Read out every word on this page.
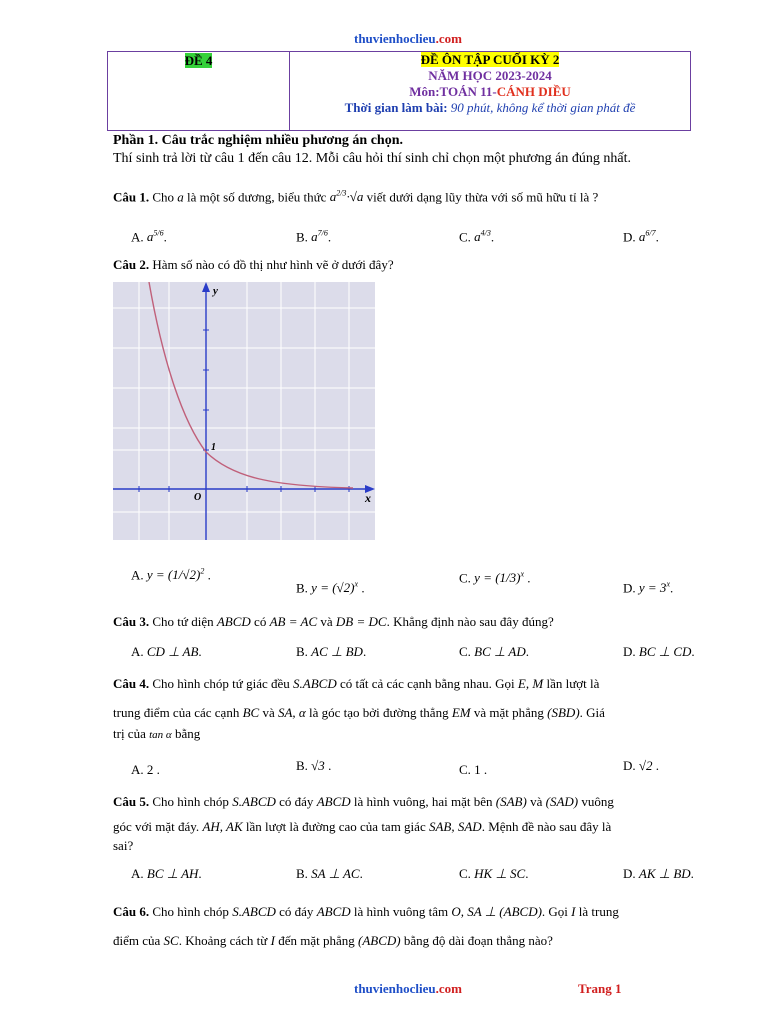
thuvienhoclieu.com
ĐỀ 4	ĐỀ ÔN TẬP CUỐI KỲ 2
NĂM HỌC 2023-2024
Môn:TOÁN 11-CÁNH DIỀU
Thời gian làm bài: 90 phút, không kể thời gian phát đề
Phần 1. Câu trắc nghiệm nhiều phương án chọn.
Thí sinh trả lời từ câu 1 đến câu 12. Mỗi câu hỏi thí sinh chỉ chọn một phương án đúng nhất.
Câu 1. Cho a là một số dương, biểu thức $a^{2/3}\cdot√a$ viết dưới dạng lũy thừa với số mũ hữu tỉ là ?
A. $a^{5/6}$.	B. $a^{7/6}$.	C. $a^{4/3}$.	D. $a^{6/7}$.
Câu 2. Hàm số nào có đồ thị như hình vẽ ở dưới đây?
y
x
O
1
A. $y = (1/√2)^2$ .
B. $y = (√2)^x$ .
C. $y = (1/3)^x$ .
D. $y = 3^x$.
Câu 3. Cho tứ diện ABCD có AB = AC và DB = DC. Khẳng định nào sau đây đúng?
A. CD ⊥ AB.	B. AC ⊥ BD.	C. BC ⊥ AD.	D. BC ⊥ CD.
Câu 4. Cho hình chóp tứ giác đều S.ABCD có tất cả các cạnh bằng nhau. Gọi E, M lần lượt là
trung điểm của các cạnh BC và SA, α là góc tạo bởi đường thẳng EM và mặt phẳng (SBD). Giá
trị của tan α bằng
A. 2 .	B. √3 .	C. 1 .	D. √2 .
Câu 5. Cho hình chóp S.ABCD có đáy ABCD là hình vuông, hai mặt bên (SAB) và (SAD) vuông
góc với mặt đáy. AH, AK lần lượt là đường cao của tam giác SAB, SAD. Mệnh đề nào sau đây là
sai?
A. BC ⊥ AH.	B. SA ⊥ AC.	C. HK ⊥ SC.	D. AK ⊥ BD.
Câu 6. Cho hình chóp S.ABCD có đáy ABCD là hình vuông tâm O, SA ⊥ (ABCD). Gọi I là trung
điểm của SC. Khoảng cách từ I đến mặt phẳng (ABCD) bằng độ dài đoạn thẳng nào?
thuvienhoclieu.com	Trang 1
